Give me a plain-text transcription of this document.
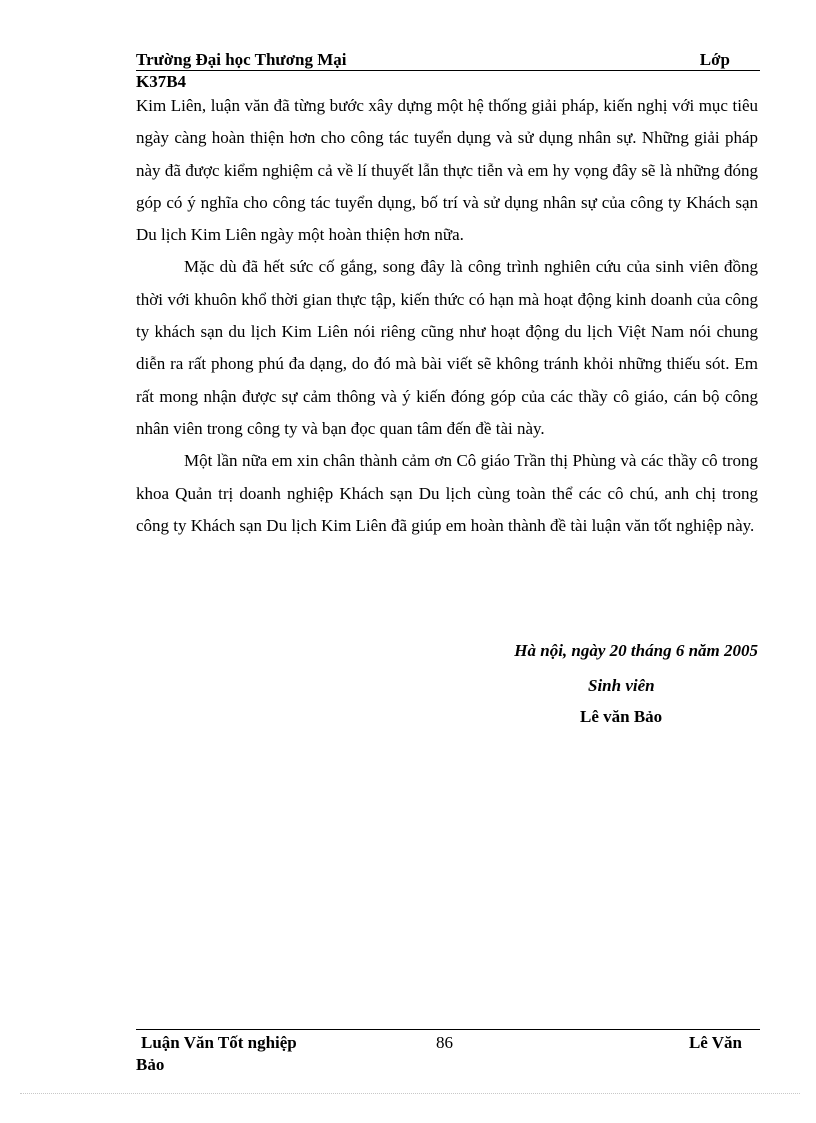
Trường Đại học Thương Mại	Lớp
K37B4

Kim Liên, luận văn đã từng bước xây dựng một hệ thống giải pháp, kiến nghị với mục tiêu ngày càng hoàn thiện hơn cho công tác tuyển dụng và sử dụng nhân sự. Những giải pháp này đã được kiểm nghiệm cả về lí thuyết lẫn thực tiễn và em hy vọng đây sẽ là những đóng góp có ý nghĩa cho công tác tuyển dụng, bố trí và sử dụng nhân sự của công ty Khách sạn Du lịch Kim Liên ngày một hoàn thiện hơn nữa.

Mặc dù đã hết sức cố gắng, song đây là công trình nghiên cứu của sinh viên đồng thời với khuôn khổ thời gian thực tập, kiến thức có hạn mà hoạt động kinh doanh của công ty khách sạn du lịch Kim Liên nói riêng cũng như hoạt động du lịch Việt Nam nói chung diễn ra rất phong phú đa dạng, do đó mà bài viết sẽ không tránh khỏi những thiếu sót. Em rất mong nhận được sự cảm thông và ý kiến đóng góp của các thầy cô giáo, cán bộ công nhân viên trong công ty và bạn đọc quan tâm đến đề tài này.

Một lần nữa em xin chân thành cảm ơn Cô giáo Trần thị Phùng và các thầy cô trong khoa Quản trị doanh nghiệp Khách sạn Du lịch cùng toàn thể các cô chú, anh chị trong công ty Khách sạn Du lịch Kim Liên đã giúp em hoàn thành đề tài luận văn tốt nghiệp này.

Hà nội, ngày 20 tháng 6 năm 2005
Sinh viên
Lê văn Bảo
Luận Văn Tốt nghiệp	86	Lê Văn
Bảo
